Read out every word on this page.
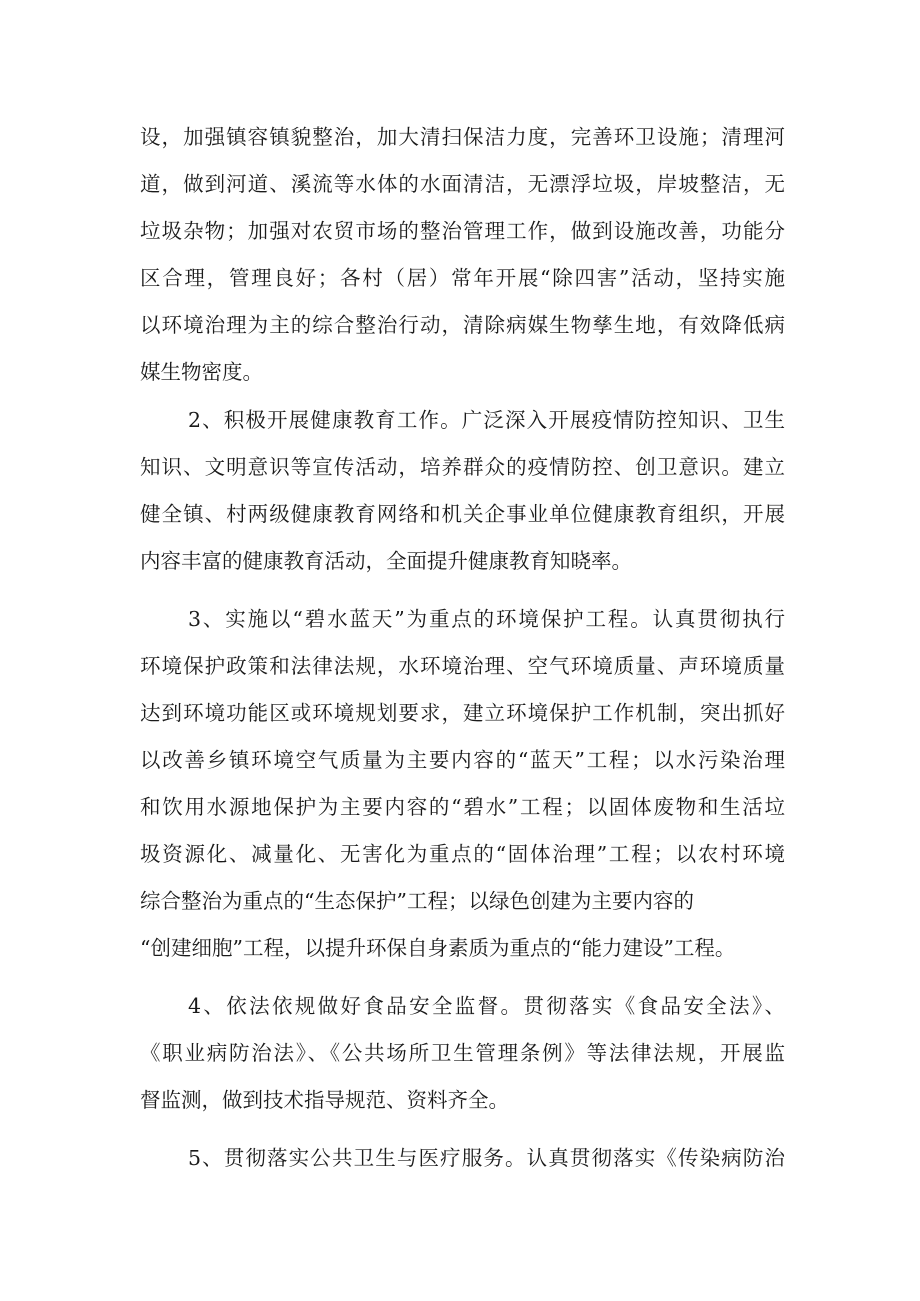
设，加强镇容镇貌整治，加大清扫保洁力度，完善环卫设施；清理河
道，做到河道、溪流等水体的水面清洁，无漂浮垃圾，岸坡整洁，无
垃圾杂物；加强对农贸市场的整治管理工作，做到设施改善，功能分
区合理，管理良好；各村（居）常年开展“除四害”活动，坚持实施
以环境治理为主的综合整治行动，清除病媒生物孳生地，有效降低病
媒生物密度。
2、积极开展健康教育工作。广泛深入开展疫情防控知识、卫生
知识、文明意识等宣传活动，培养群众的疫情防控、创卫意识。建立
健全镇、村两级健康教育网络和机关企事业单位健康教育组织，开展
内容丰富的健康教育活动，全面提升健康教育知晓率。
3、实施以“碧水蓝天”为重点的环境保护工程。认真贯彻执行
环境保护政策和法律法规，水环境治理、空气环境质量、声环境质量
达到环境功能区或环境规划要求，建立环境保护工作机制，突出抓好
以改善乡镇环境空气质量为主要内容的“蓝天”工程；以水污染治理
和饮用水源地保护为主要内容的“碧水”工程；以固体废物和生活垃
圾资源化、减量化、无害化为重点的“固体治理”工程；以农村环境
综合整治为重点的“生态保护”工程；以绿色创建为主要内容的
“创建细胞”工程，以提升环保自身素质为重点的“能力建设”工程。
4、依法依规做好食品安全监督。贯彻落实《食品安全法》、
《职业病防治法》、《公共场所卫生管理条例》等法律法规，开展监
督监测，做到技术指导规范、资料齐全。
5、贯彻落实公共卫生与医疗服务。认真贯彻落实《传染病防治
